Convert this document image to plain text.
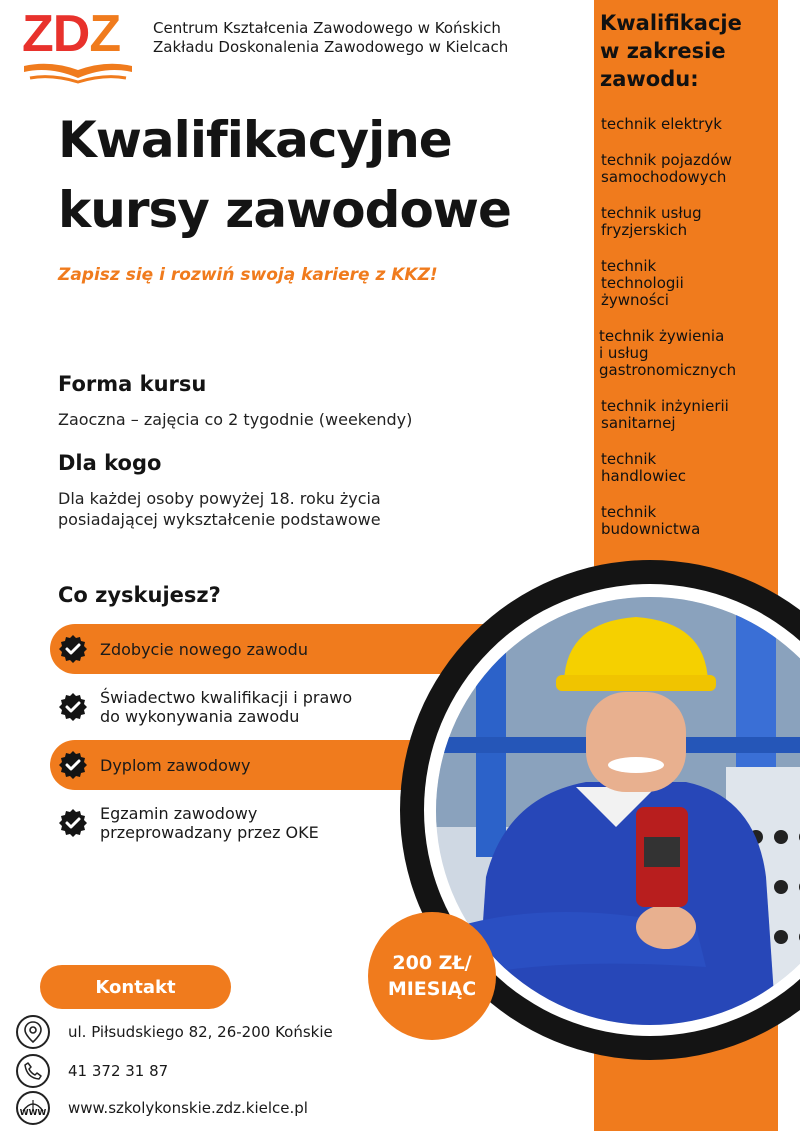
ZDZ Centrum Kształcenia Zawodowego w Końskich
Zakładu Doskonalenia Zawodowego w Kielcach
Kwalifikacyjne
kursy zawodowe
Zapisz się i rozwiń swoją karierę z KKZ!
Forma kursu
Zaoczna – zajęcia co 2 tygodnie (weekendy)
Dla kogo
Dla każdej osoby powyżej 18. roku życia
posiadającej wykształcenie podstawowe
Co zyskujesz?
Zdobycie nowego zawodu
Świadectwo kwalifikacji i prawo
do wykonywania zawodu
Dyplom zawodowy
Egzamin zawodowy
przeprowadzany przez OKE
Kwalifikacje
w zakresie
zawodu:
technik elektryk
technik pojazdów
samochodowych
technik usług
fryzjerskich
technik
technologii
żywności
technik żywienia
i usług
gastronomicznych
technik inżynierii
sanitarnej
technik
handlowiec
technik
budownictwa
200 ZŁ/
MIESIĄC
Kontakt
ul. Piłsudskiego 82, 26-200 Końskie
41 372 31 87
WWW www.szkolykonskie.zdz.kielce.pl
